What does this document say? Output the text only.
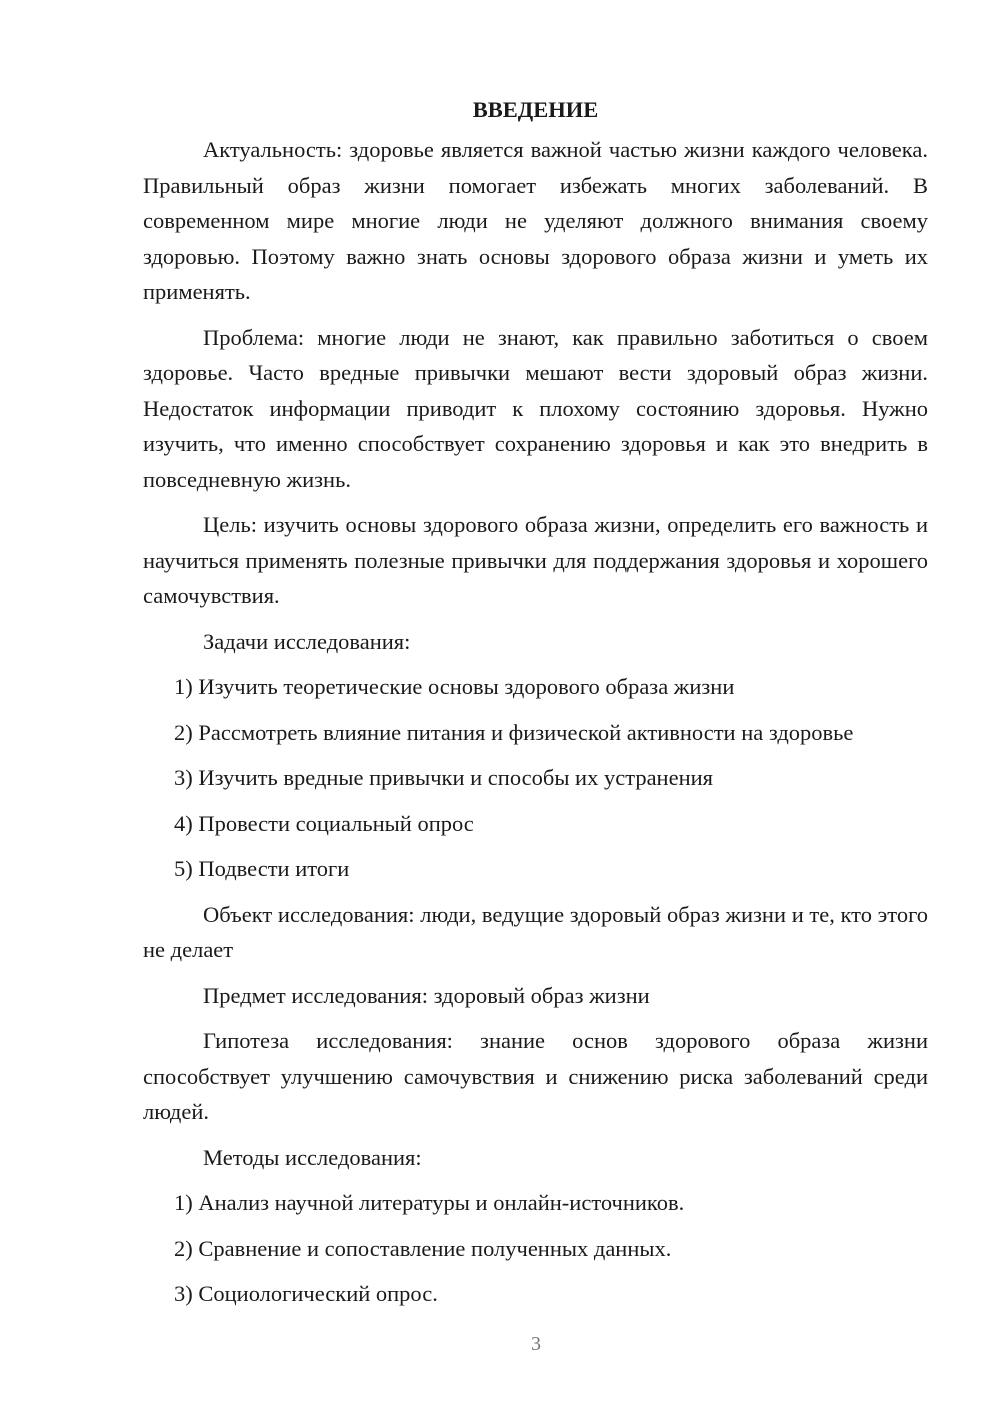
ВВЕДЕНИЕ

Актуальность: здоровье является важной частью жизни каждого человека. Правильный образ жизни помогает избежать многих заболеваний. В современном мире многие люди не уделяют должного внимания своему здоровью. Поэтому важно знать основы здорового образа жизни и уметь их применять.

Проблема: многие люди не знают, как правильно заботиться о своем здоровье. Часто вредные привычки мешают вести здоровый образ жизни. Недостаток информации приводит к плохому состоянию здоровья. Нужно изучить, что именно способствует сохранению здоровья и как это внедрить в повседневную жизнь.

Цель: изучить основы здорового образа жизни, определить его важность и научиться применять полезные привычки для поддержания здоровья и хорошего самочувствия.

Задачи исследования:

1) Изучить теоретические основы здорового образа жизни

2) Рассмотреть влияние питания и физической активности на здоровье

3) Изучить вредные привычки и способы их устранения

4) Провести социальный опрос

5) Подвести итоги

Объект исследования: люди, ведущие здоровый образ жизни и те, кто этого не делает

Предмет исследования: здоровый образ жизни

Гипотеза исследования: знание основ здорового образа жизни способствует улучшению самочувствия и снижению риска заболеваний среди людей.

Методы исследования:

1) Анализ научной литературы и онлайн-источников.

2) Сравнение и сопоставление полученных данных.

3) Социологический опрос.

3
